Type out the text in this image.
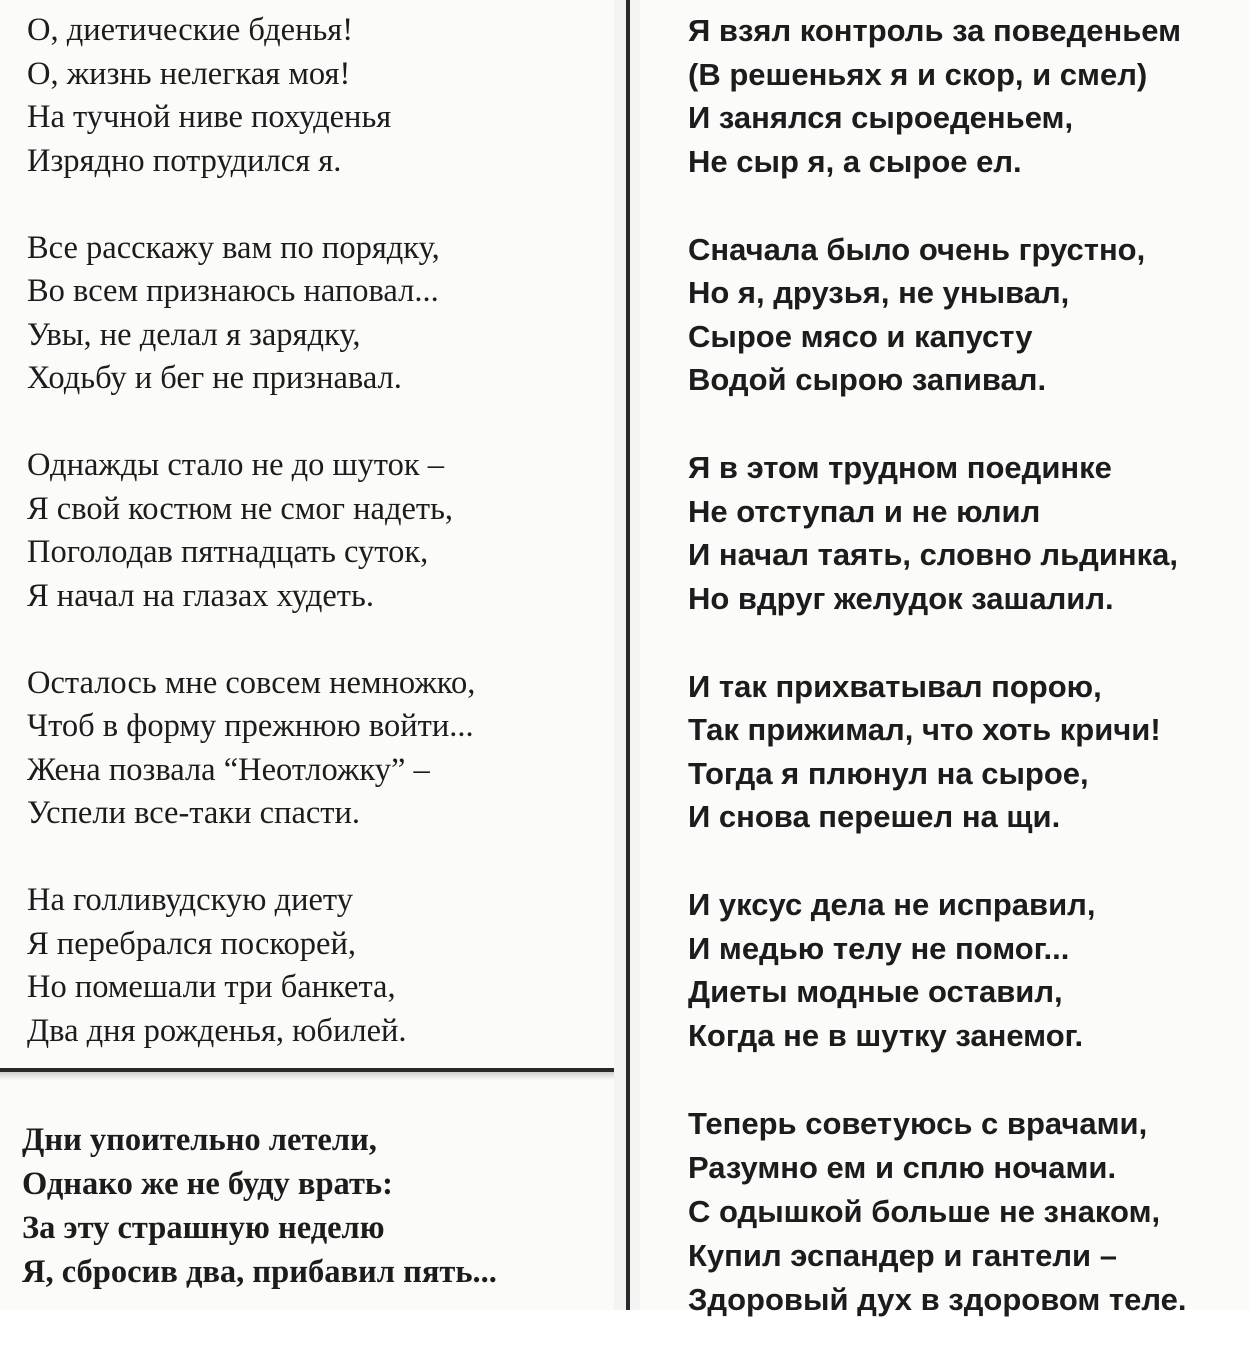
О, диетические бденья!
О, жизнь нелегкая моя!
На тучной ниве похуденья
Изрядно потрудился я.
Все расскажу вам по порядку,
Во всем признаюсь наповал...
Увы, не делал я зарядку,
Ходьбу и бег не признавал.
Однажды стало не до шуток –
Я свой костюм не смог надеть,
Поголодав пятнадцать суток,
Я начал на глазах худеть.
Осталось мне совсем немножко,
Чтоб в форму прежнюю войти...
Жена позвала “Неотложку” –
Успели все-таки спасти.
На голливудскую диету
Я перебрался поскорей,
Но помешали три банкета,
Два дня рожденья, юбилей.
Дни упоительно летели,
Однако же не буду врать:
За эту страшную неделю
Я, сбросив два, прибавил пять...
Я взял контроль за поведеньем
(В решеньях я и скор, и смел)
И занялся сыроеденьем,
Не сыр я, а сырое ел.
Сначала было очень грустно,
Но я, друзья, не унывал,
Сырое мясо и капусту
Водой сырою запивал.
Я в этом трудном поединке
Не отступал и не юлил
И начал таять, словно льдинка,
Но вдруг желудок зашалил.
И так прихватывал порою,
Так прижимал, что хоть кричи!
Тогда я плюнул на сырое,
И снова перешел на щи.
И уксус дела не исправил,
И медью телу не помог...
Диеты модные оставил,
Когда не в шутку занемог.
Теперь советуюсь с врачами,
Разумно ем и сплю ночами.
С одышкой больше не знаком,
Купил эспандер и гантели –
Здоровый дух в здоровом теле.
